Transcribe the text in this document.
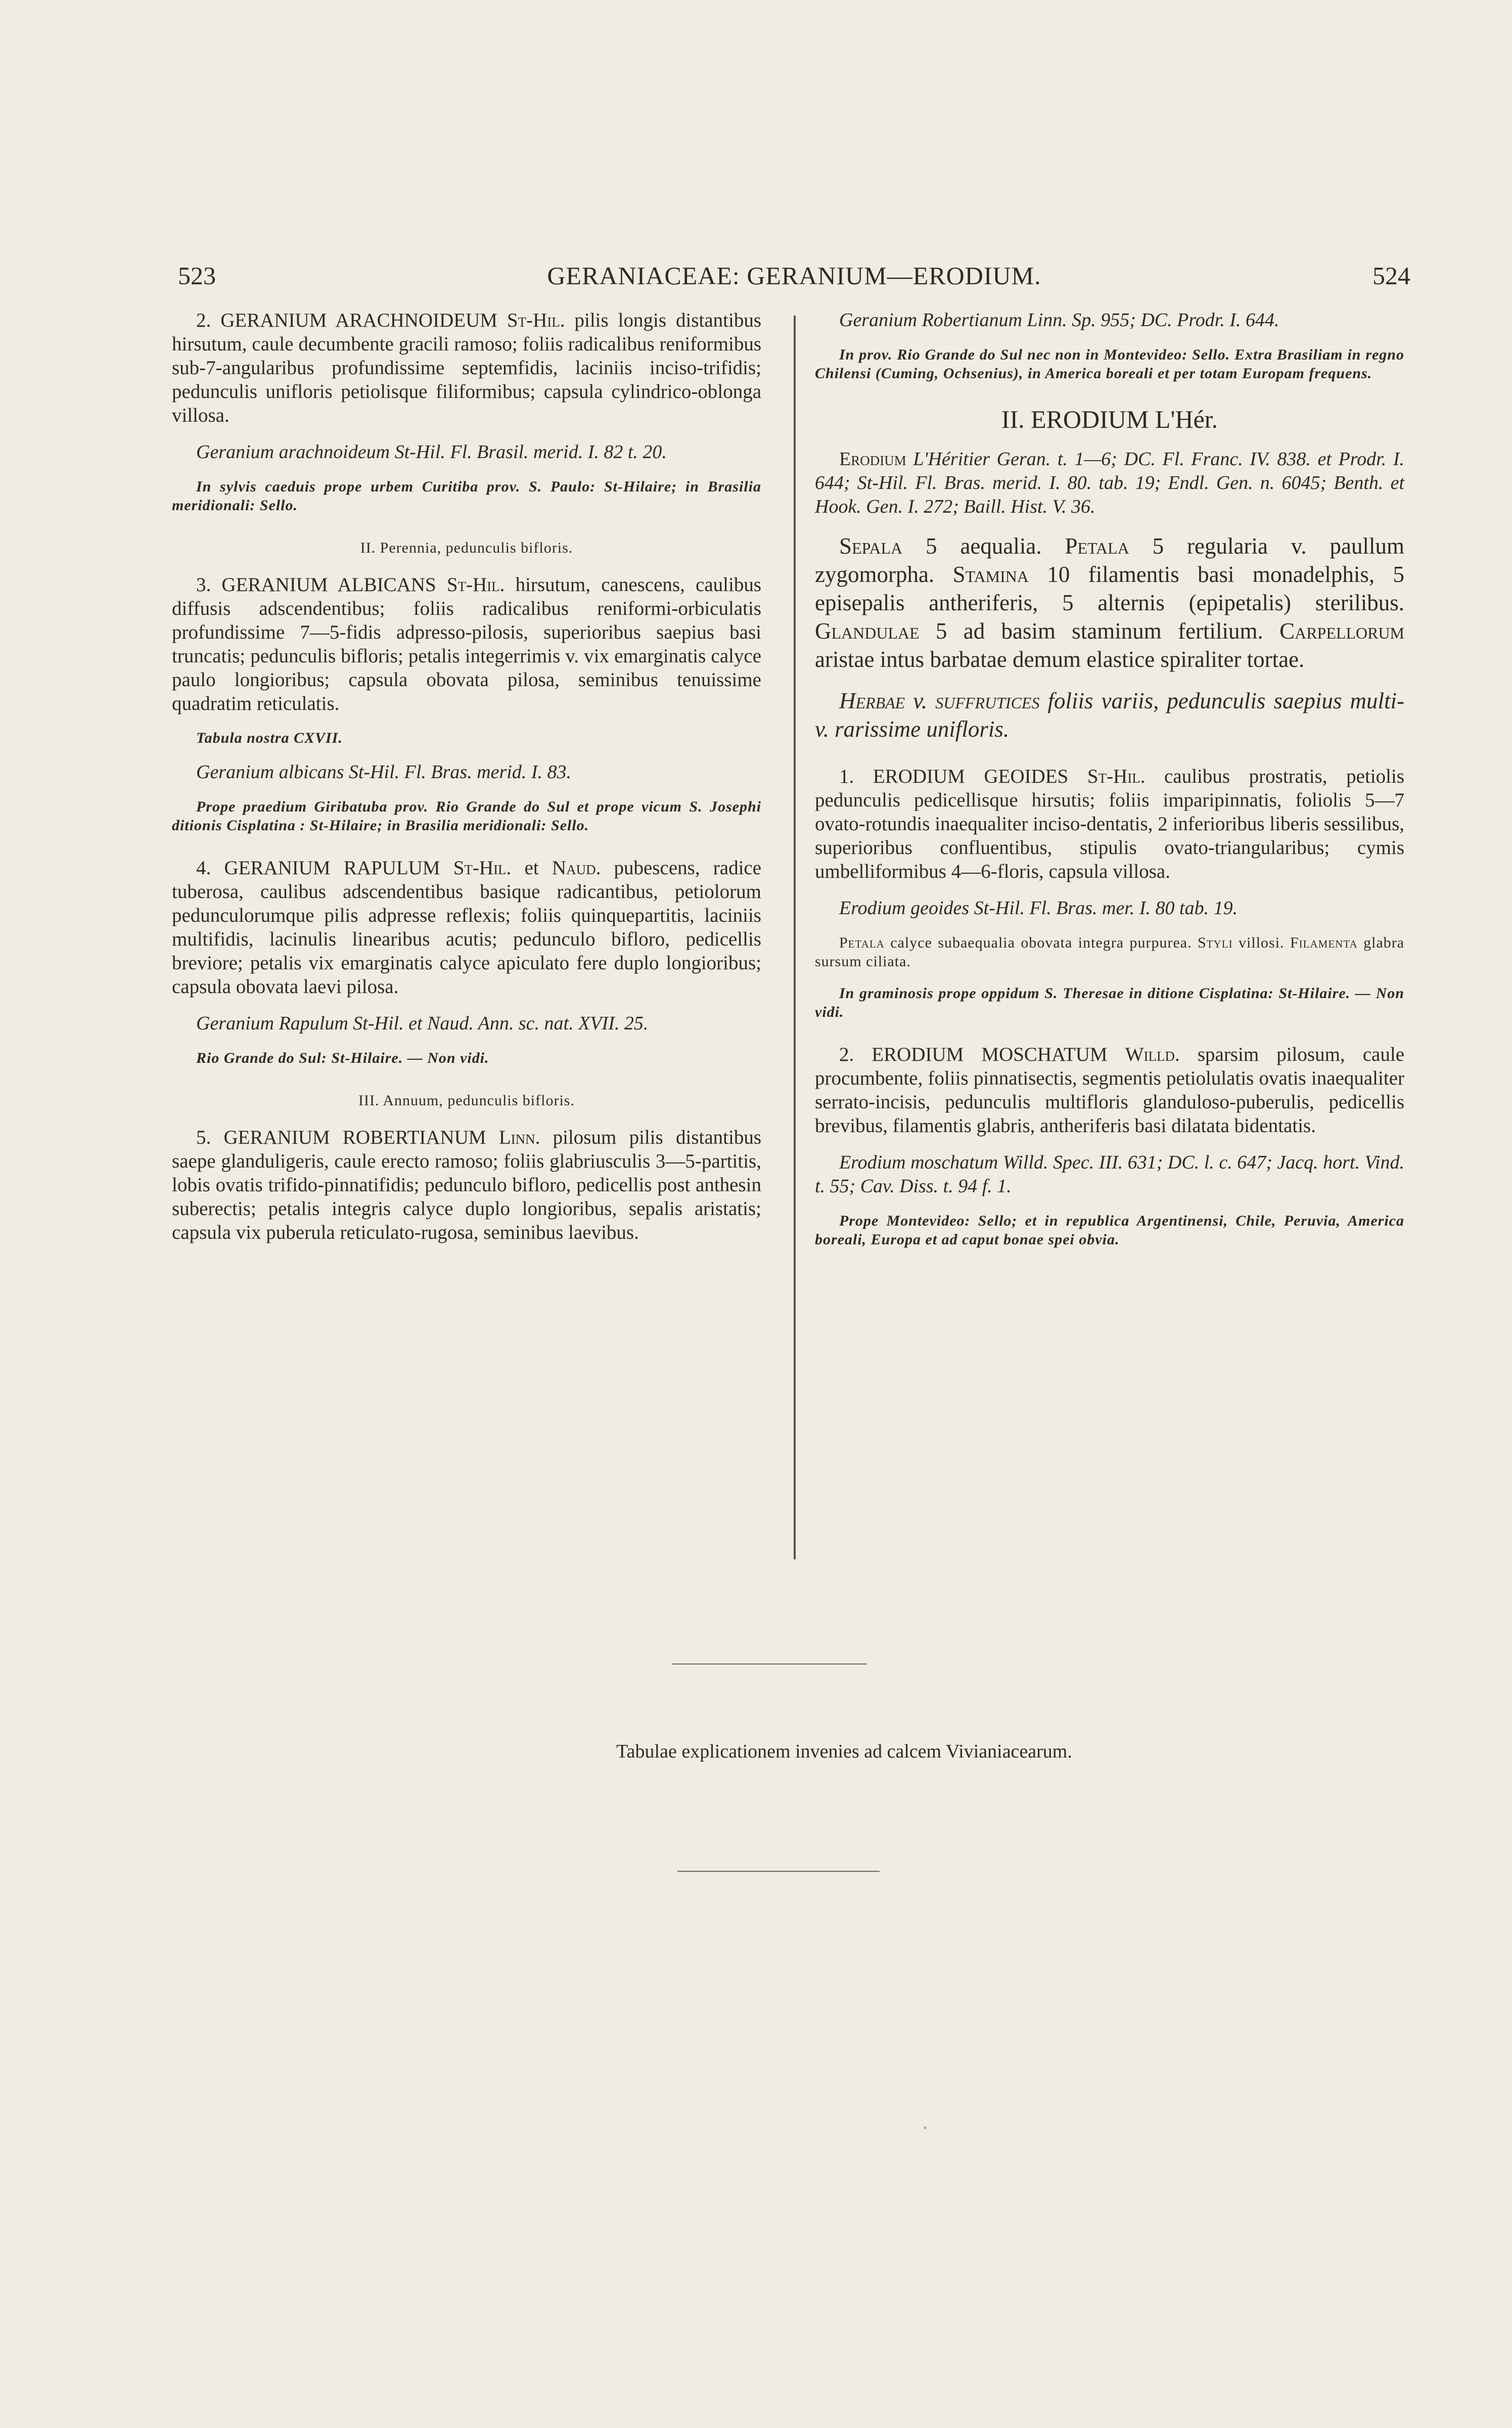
523	GERANIACEAE: GERANIUM—ERODIUM.	524

2. GERANIUM ARACHNOIDEUM St-Hil. pilis longis distantibus hirsutum, caule decumbente gracili ramoso; foliis radicalibus reniformibus sub-7-angularibus profundissime septemfidis, laciniis inciso-trifidis; pedunculis unifloris petiolisque filiformibus; capsula cylindrico-oblonga villosa.

Geranium arachnoideum St-Hil. Fl. Brasil. merid. I. 82 t. 20.

In sylvis caeduis prope urbem Curitiba prov. S. Paulo: St-Hilaire; in Brasilia meridionali: Sello.

II. Perennia, pedunculis bifloris.

3. GERANIUM ALBICANS St-Hil. hirsutum, canescens, caulibus diffusis adscendentibus; foliis radicalibus reniformi-orbiculatis profundissime 7—5-fidis adpresso-pilosis, superioribus saepius basi truncatis; pedunculis bifloris; petalis integerrimis v. vix emarginatis calyce paulo longioribus; capsula obovata pilosa, seminibus tenuissime quadratim reticulatis.

Tabula nostra CXVII.

Geranium albicans St-Hil. Fl. Bras. merid. I. 83.

Prope praedium Giribatuba prov. Rio Grande do Sul et prope vicum S. Josephi ditionis Cisplatina : St-Hilaire; in Brasilia meridionali: Sello.

4. GERANIUM RAPULUM St-Hil. et Naud. pubescens, radice tuberosa, caulibus adscendentibus basique radicantibus, petiolorum pedunculorumque pilis adpresse reflexis; foliis quinquepartitis, laciniis multifidis, lacinulis linearibus acutis; pedunculo bifloro, pedicellis breviore; petalis vix emarginatis calyce apiculato fere duplo longioribus; capsula obovata laevi pilosa.

Geranium Rapulum St-Hil. et Naud. Ann. sc. nat. XVII. 25.

Rio Grande do Sul: St-Hilaire. — Non vidi.

III. Annuum, pedunculis bifloris.

5. GERANIUM ROBERTIANUM Linn. pilosum pilis distantibus saepe glanduligeris, caule erecto ramoso; foliis glabriusculis 3—5-partitis, lobis ovatis trifido-pinnatifidis; pedunculo bifloro, pedicellis post anthesin suberectis; petalis integris calyce duplo longioribus, sepalis aristatis; capsula vix puberula reticulato-rugosa, seminibus laevibus.

Geranium Robertianum Linn. Sp. 955; DC. Prodr. I. 644.

In prov. Rio Grande do Sul nec non in Montevideo: Sello. Extra Brasiliam in regno Chilensi (Cuming, Ochsenius), in America boreali et per totam Europam frequens.

II. ERODIUM L'Hér.

Erodium L'Héritier Geran. t. 1—6; DC. Fl. Franc. IV. 838. et Prodr. I. 644; St-Hil. Fl. Bras. merid. I. 80. tab. 19; Endl. Gen. n. 6045; Benth. et Hook. Gen. I. 272; Baill. Hist. V. 36.

Sepala 5 aequalia. Petala 5 regularia v. paullum zygomorpha. Stamina 10 filamentis basi monadelphis, 5 episepalis antheriferis, 5 alternis (epipetalis) sterilibus. Glandulae 5 ad basim staminum fertilium. Carpellorum aristae intus barbatae demum elastice spiraliter tortae.

Herbae v. suffrutices foliis variis, pedunculis saepius multi- v. rarissime unifloris.

1. ERODIUM GEOIDES St-Hil. caulibus prostratis, petiolis pedunculis pedicellisque hirsutis; foliis imparipinnatis, foliolis 5—7 ovato-rotundis inaequaliter inciso-dentatis, 2 inferioribus liberis sessilibus, superioribus confluentibus, stipulis ovato-triangularibus; cymis umbelliformibus 4—6-floris, capsula villosa.

Erodium geoides St-Hil. Fl. Bras. mer. I. 80 tab. 19.

Petala calyce subaequalia obovata integra purpurea. Styli villosi. Filamenta glabra sursum ciliata.

In graminosis prope oppidum S. Theresae in ditione Cisplatina: St-Hilaire. — Non vidi.

2. ERODIUM MOSCHATUM Willd. sparsim pilosum, caule procumbente, foliis pinnatisectis, segmentis petiolulatis ovatis inaequaliter serrato-incisis, pedunculis multifloris glanduloso-puberulis, pedicellis brevibus, filamentis glabris, antheriferis basi dilatata bidentatis.

Erodium moschatum Willd. Spec. III. 631; DC. l. c. 647; Jacq. hort. Vind. t. 55; Cav. Diss. t. 94 f. 1.

Prope Montevideo: Sello; et in republica Argentinensi, Chile, Peruvia, America boreali, Europa et ad caput bonae spei obvia.

Tabulae explicationem invenies ad calcem Vivianiacearum.
